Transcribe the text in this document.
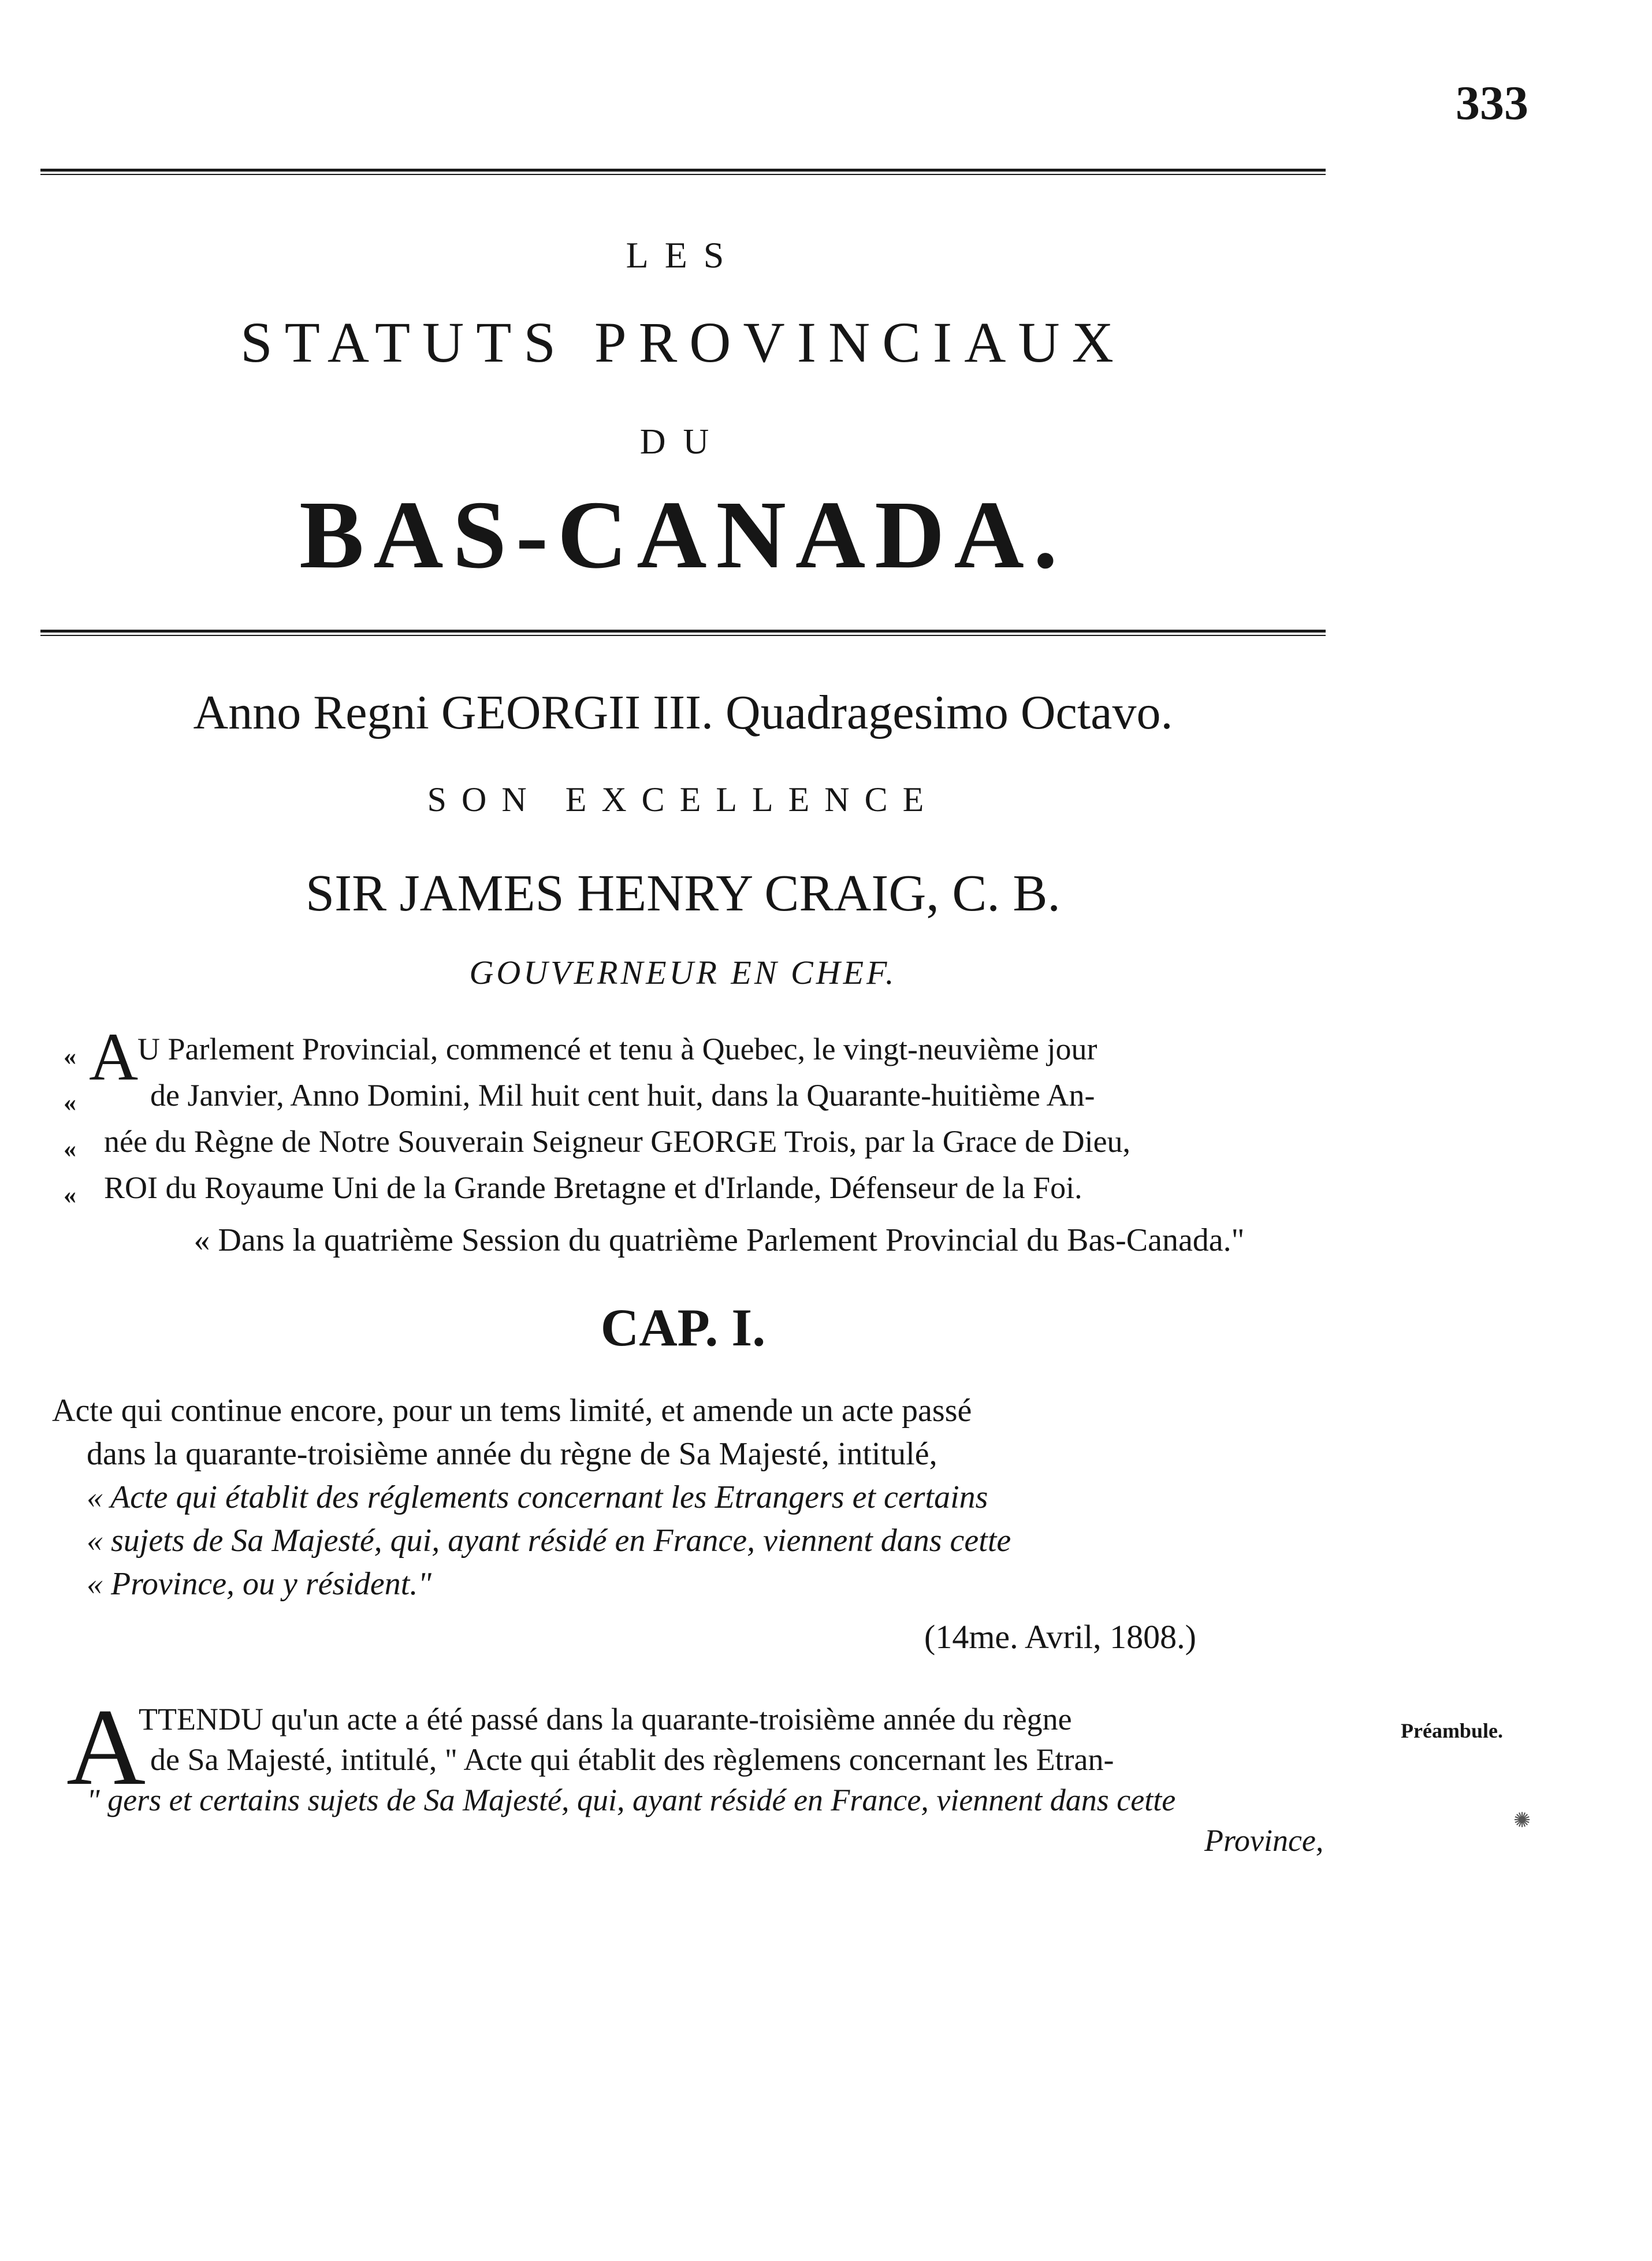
333
LES
STATUTS PROVINCIAUX
DU
BAS-CANADA.
Anno Regni GEORGII III. Quadragesimo Octavo.
SON EXCELLENCE
SIR JAMES HENRY CRAIG, C. B.
GOUVERNEUR EN CHEF.
« A
U Parlement Provincial, commencé et tenu à Quebec, le vingt-neuvième jour
« de Janvier, Anno Domini, Mil huit cent huit, dans la Quarante-huitième An-
« née du Règne de Notre Souverain Seigneur GEORGE Trois, par la Grace de Dieu,
« ROI du Royaume Uni de la Grande Bretagne et d'Irlande, Défenseur de la Foi.
« Dans la quatrième Session du quatrième Parlement Provincial du Bas-Canada."
CAP. I.
Acte qui continue encore, pour un tems limité, et amende un acte passé
dans la quarante-troisième année du règne de Sa Majesté, intitulé,
« Acte qui établit des réglements concernant les Etrangers et certains
« sujets de Sa Majesté, qui, ayant résidé en France, viennent dans cette
« Province, ou y résident."
(14me. Avril, 1808.)
A
TTENDU qu'un acte a été passé dans la quarante-troisième année du règne
de Sa Majesté, intitulé, " Acte qui établit des règlemens concernant les Etran-
" gers et certains sujets de Sa Majesté, qui, ayant résidé en France, viennent dans cette
Province,
Préambule.
✺
